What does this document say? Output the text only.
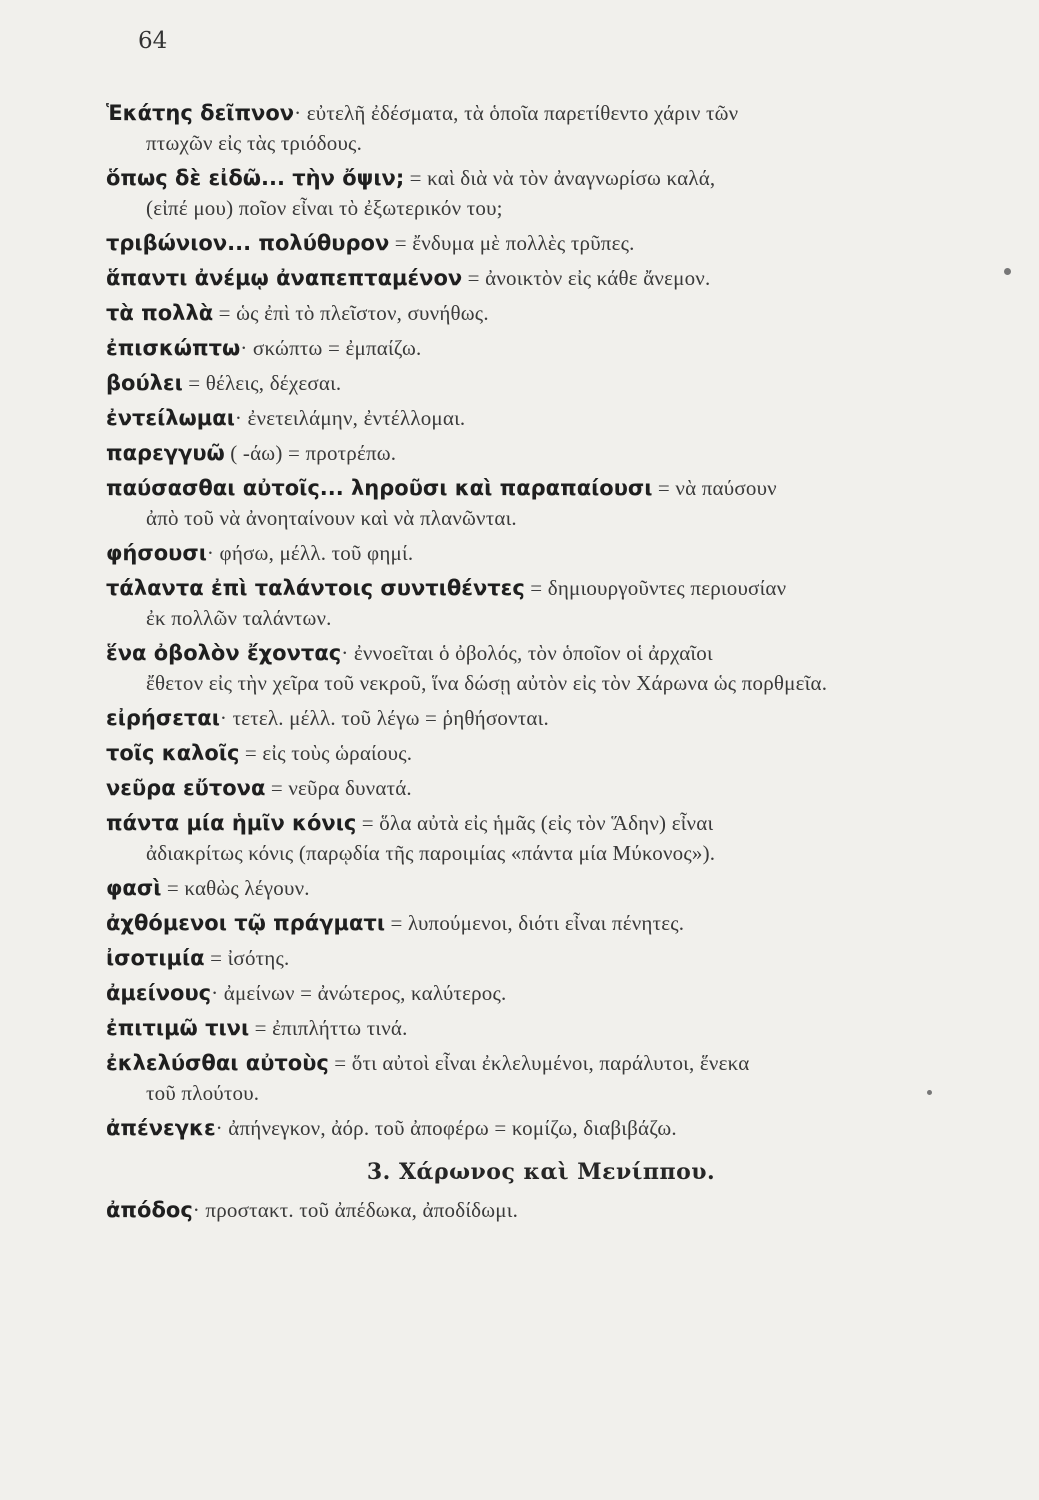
64
Ἑκάτης δεῖπνον· εὐτελῆ ἐδέσματα, τὰ ὁποῖα παρετίθεντο χάριν τῶν
πτωχῶν εἰς τὰς τριόδους.
ὅπως δὲ εἰδῶ... τὴν ὄψιν; = καὶ διὰ νὰ τὸν ἀναγνωρίσω καλά,
(εἰπέ μου) ποῖον εἶναι τὸ ἐξωτερικόν του;
τριβώνιον... πολύθυρον = ἔνδυμα μὲ πολλὲς τρῦπες.
ἅπαντι ἀνέμῳ ἀναπεπταμένον = ἀνοικτὸν εἰς κάθε ἄνεμον.
τὰ πολλὰ = ὡς ἐπὶ τὸ πλεῖστον, συνήθως.
ἐπισκώπτω· σκώπτω = ἐμπαίζω.
βούλει = θέλεις, δέχεσαι.
ἐντείλωμαι· ἐνετειλάμην, ἐντέλλομαι.
παρεγγυῶ ( -άω) = προτρέπω.
παύσασθαι αὐτοῖς... ληροῦσι καὶ παραπαίουσι = νὰ παύσουν
ἀπὸ τοῦ νὰ ἀνοηταίνουν καὶ νὰ πλανῶνται.
φήσουσι· φήσω, μέλλ. τοῦ φημί.
τάλαντα ἐπὶ ταλάντοις συντιθέντες = δημιουργοῦντες περιουσίαν
ἐκ πολλῶν ταλάντων.
ἕνα ὀβολὸν ἔχοντας· ἐννοεῖται ὁ ὀβολός, τὸν ὁποῖον οἱ ἀρχαῖοι
ἔθετον εἰς τὴν χεῖρα τοῦ νεκροῦ, ἵνα δώσῃ αὐτὸν εἰς τὸν Χάρωνα ὡς πορθμεῖα.
εἰρήσεται· τετελ. μέλλ. τοῦ λέγω = ῥηθήσονται.
τοῖς καλοῖς = εἰς τοὺς ὡραίους.
νεῦρα εὔτονα = νεῦρα δυνατά.
πάντα μία ἡμῖν κόνις = ὅλα αὐτὰ εἰς ἡμᾶς (εἰς τὸν Ἅδην) εἶναι
ἀδιακρίτως κόνις (παρῳδία τῆς παροιμίας «πάντα μία Μύκονος»).
φασὶ = καθὼς λέγουν.
ἀχθόμενοι τῷ πράγματι = λυπούμενοι, διότι εἶναι πένητες.
ἰσοτιμία = ἰσότης.
ἀμείνους· ἀμείνων = ἀνώτερος, καλύτερος.
ἐπιτιμῶ τινι = ἐπιπλήττω τινά.
ἐκλελύσθαι αὐτοὺς = ὅτι αὐτοὶ εἶναι ἐκλελυμένοι, παράλυτοι, ἕνεκα
τοῦ πλούτου.
ἀπένεγκε· ἀπήνεγκον, ἀόρ. τοῦ ἀποφέρω = κομίζω, διαβιβάζω.
3. Χάρωνος καὶ Μενίππου.
ἀπόδος· προστακτ. τοῦ ἀπέδωκα, ἀποδίδωμι.
